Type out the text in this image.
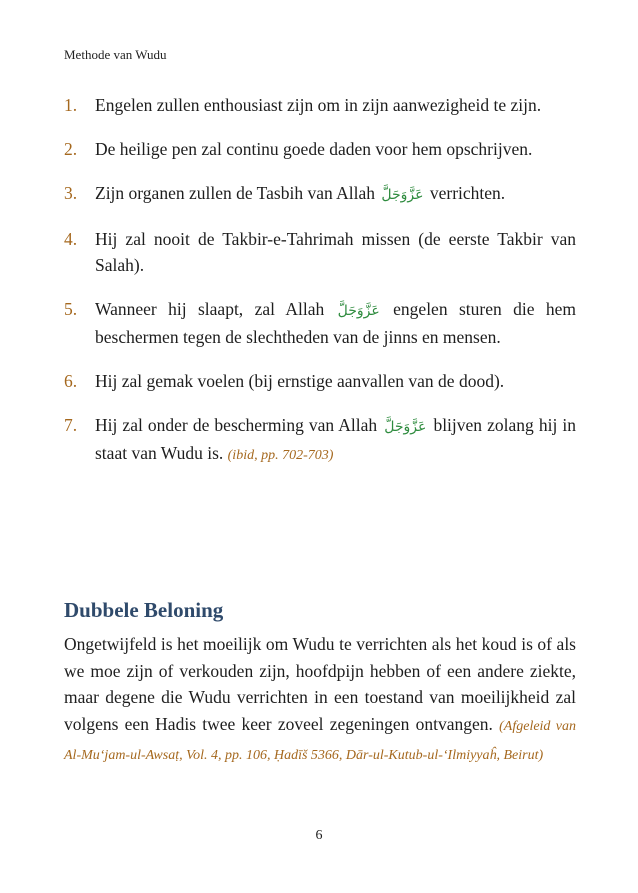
Methode van Wudu
1. Engelen zullen enthousiast zijn om in zijn aanwezigheid te zijn.
2. De heilige pen zal continu goede daden voor hem opschrijven.
3. Zijn organen zullen de Tasbih van Allah عَزَّوَجَلَّ verrichten.
4. Hij zal nooit de Takbir-e-Tahrimah missen (de eerste Takbir van Salah).
5. Wanneer hij slaapt, zal Allah عَزَّوَجَلَّ engelen sturen die hem beschermen tegen de slechtheden van de jinns en mensen.
6. Hij zal gemak voelen (bij ernstige aanvallen van de dood).
7. Hij zal onder de bescherming van Allah عَزَّوَجَلَّ blijven zolang hij in staat van Wudu is. (ibid, pp. 702-703)
Dubbele Beloning

Ongetwijfeld is het moeilijk om Wudu te verrichten als het koud is of als we moe zijn of verkouden zijn, hoofdpijn hebben of een andere ziekte, maar degene die Wudu verrichten in een toestand van moeilijkheid zal volgens een Hadis twee keer zoveel zegeningen ontvangen. (Afgeleid van Al-Mu‘jam-ul-Awsaṭ, Vol. 4, pp. 106, Ḥadīš 5366, Dār-ul-Kutub-ul-‘Ilmiyyaĥ, Beirut)

6
